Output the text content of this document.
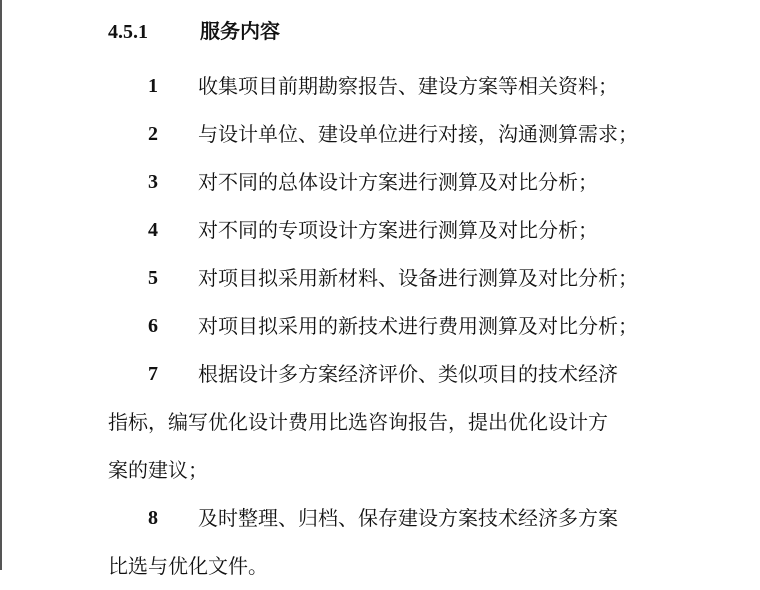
4.5.1	服务内容
1 收集项目前期勘察报告、建设方案等相关资料；
2 与设计单位、建设单位进行对接，沟通测算需求；
3 对不同的总体设计方案进行测算及对比分析；
4 对不同的专项设计方案进行测算及对比分析；
5 对项目拟采用新材料、设备进行测算及对比分析；
6 对项目拟采用的新技术进行费用测算及对比分析；
7 根据设计多方案经济评价、类似项目的技术经济
指标，编写优化设计费用比选咨询报告，提出优化设计方
案的建议；
8 及时整理、归档、保存建设方案技术经济多方案
比选与优化文件。
